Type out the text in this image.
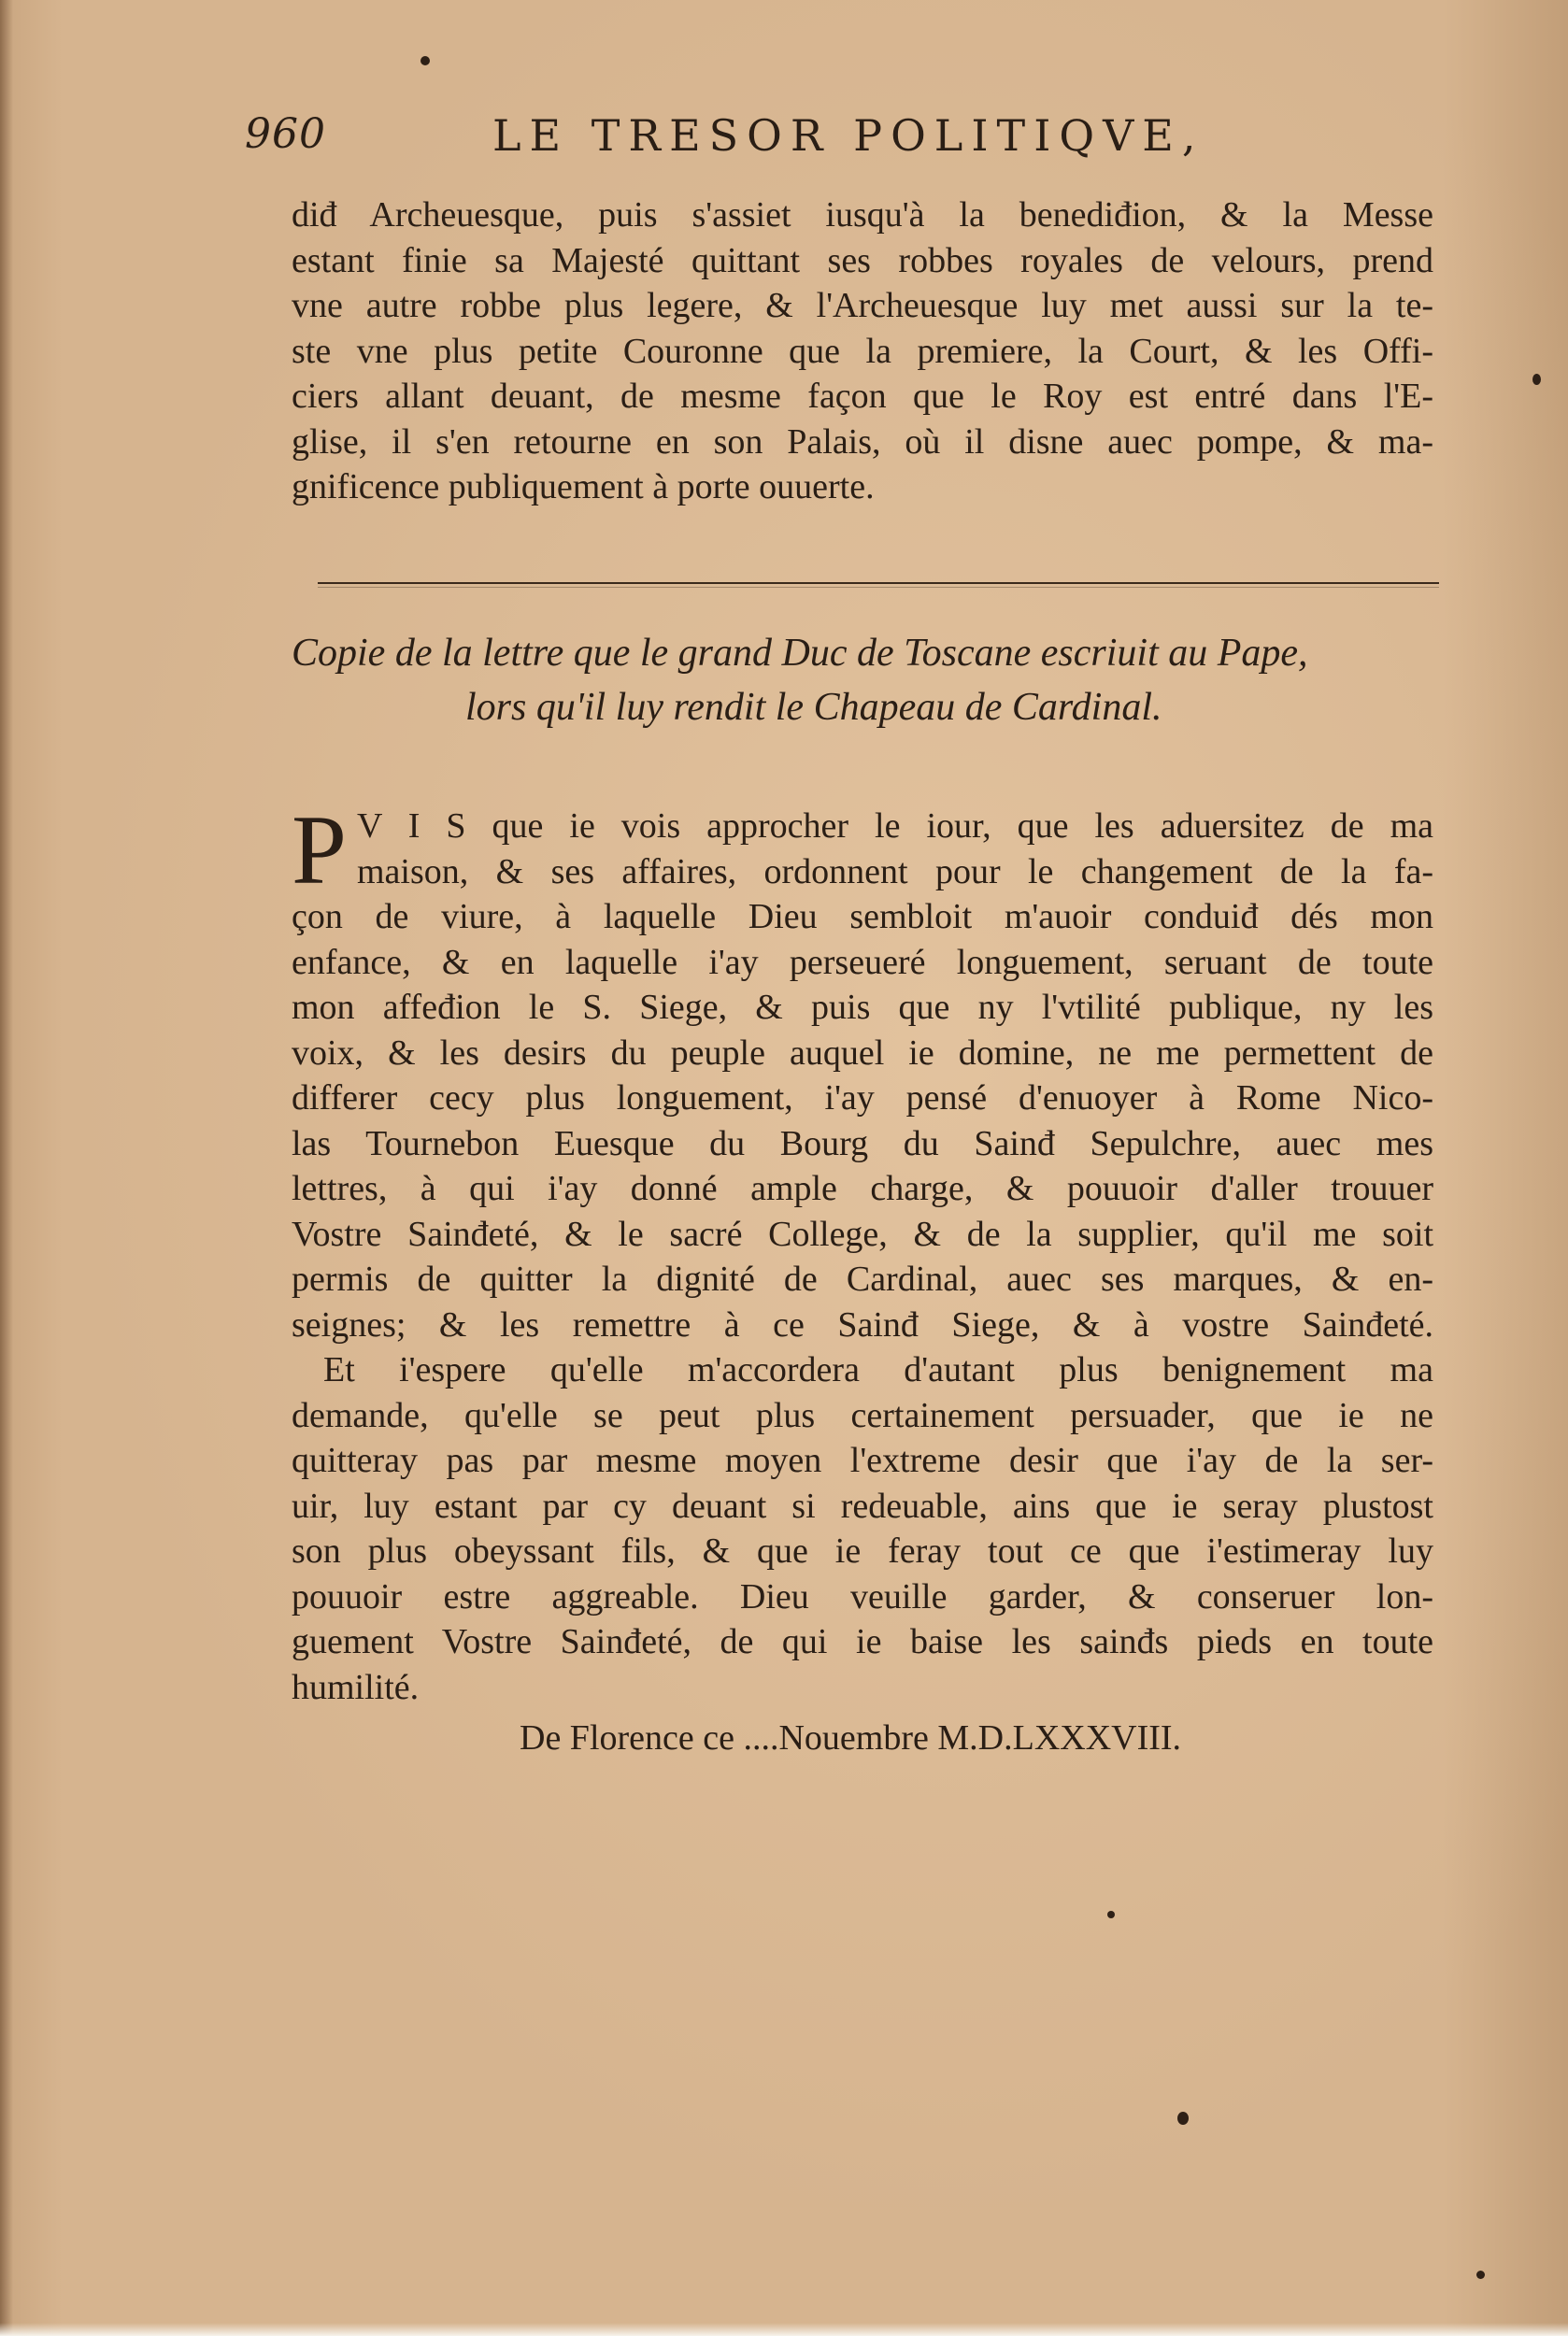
960	LE TRESOR POLITIQVE,
diđ Archeuesque, puis s'assiet iusqu'à la benediđion, & la Messe
estant finie sa Majesté quittant ses robbes royales de velours, prend
vne autre robbe plus legere, & l'Archeuesque luy met aussi sur la te-
ste vne plus petite Couronne que la premiere, la Court, & les Offi-
ciers allant deuant, de mesme façon que le Roy est entré dans l'E-
glise, il s'en retourne en son Palais, où il disne auec pompe, & ma-
gnificence publiquement à porte ouuerte.
Copie de la lettre que le grand Duc de Toscane escriuit au Pape,
lors qu'il luy rendit le Chapeau de Cardinal.
P V I S que ie vois approcher le iour, que les aduersitez de ma
maison, & ses affaires, ordonnent pour le changement de la fa-
çon de viure, à laquelle Dieu sembloit m'auoir conduiđ dés mon
enfance, & en laquelle i'ay perseueré longuement, seruant de toute
mon affeđion le S. Siege, & puis que ny l'vtilité publique, ny les
voix, & les desirs du peuple auquel ie domine, ne me permettent de
differer cecy plus longuement, i'ay pensé d'enuoyer à Rome Nico-
las Tournebon Euesque du Bourg du Sainđ Sepulchre, auec mes
lettres, à qui i'ay donné ample charge, & pouuoir d'aller trouuer
Vostre Sainđeté, & le sacré College, & de la supplier, qu'il me soit
permis de quitter la dignité de Cardinal, auec ses marques, & en-
seignes; & les remettre à ce Sainđ Siege, & à vostre Sainđeté.
Et i'espere qu'elle m'accordera d'autant plus benignement ma
demande, qu'elle se peut plus certainement persuader, que ie ne
quitteray pas par mesme moyen l'extreme desir que i'ay de la ser-
uir, luy estant par cy deuant si redeuable, ains que ie seray plustost
son plus obeyssant fils, & que ie feray tout ce que i'estimeray luy
pouuoir estre aggreable. Dieu veuille garder, & conseruer lon-
guement Vostre Sainđeté, de qui ie baise les sainđs pieds en toute
humilité.
De Florence ce ....Nouembre M.D.LXXXVIII.
